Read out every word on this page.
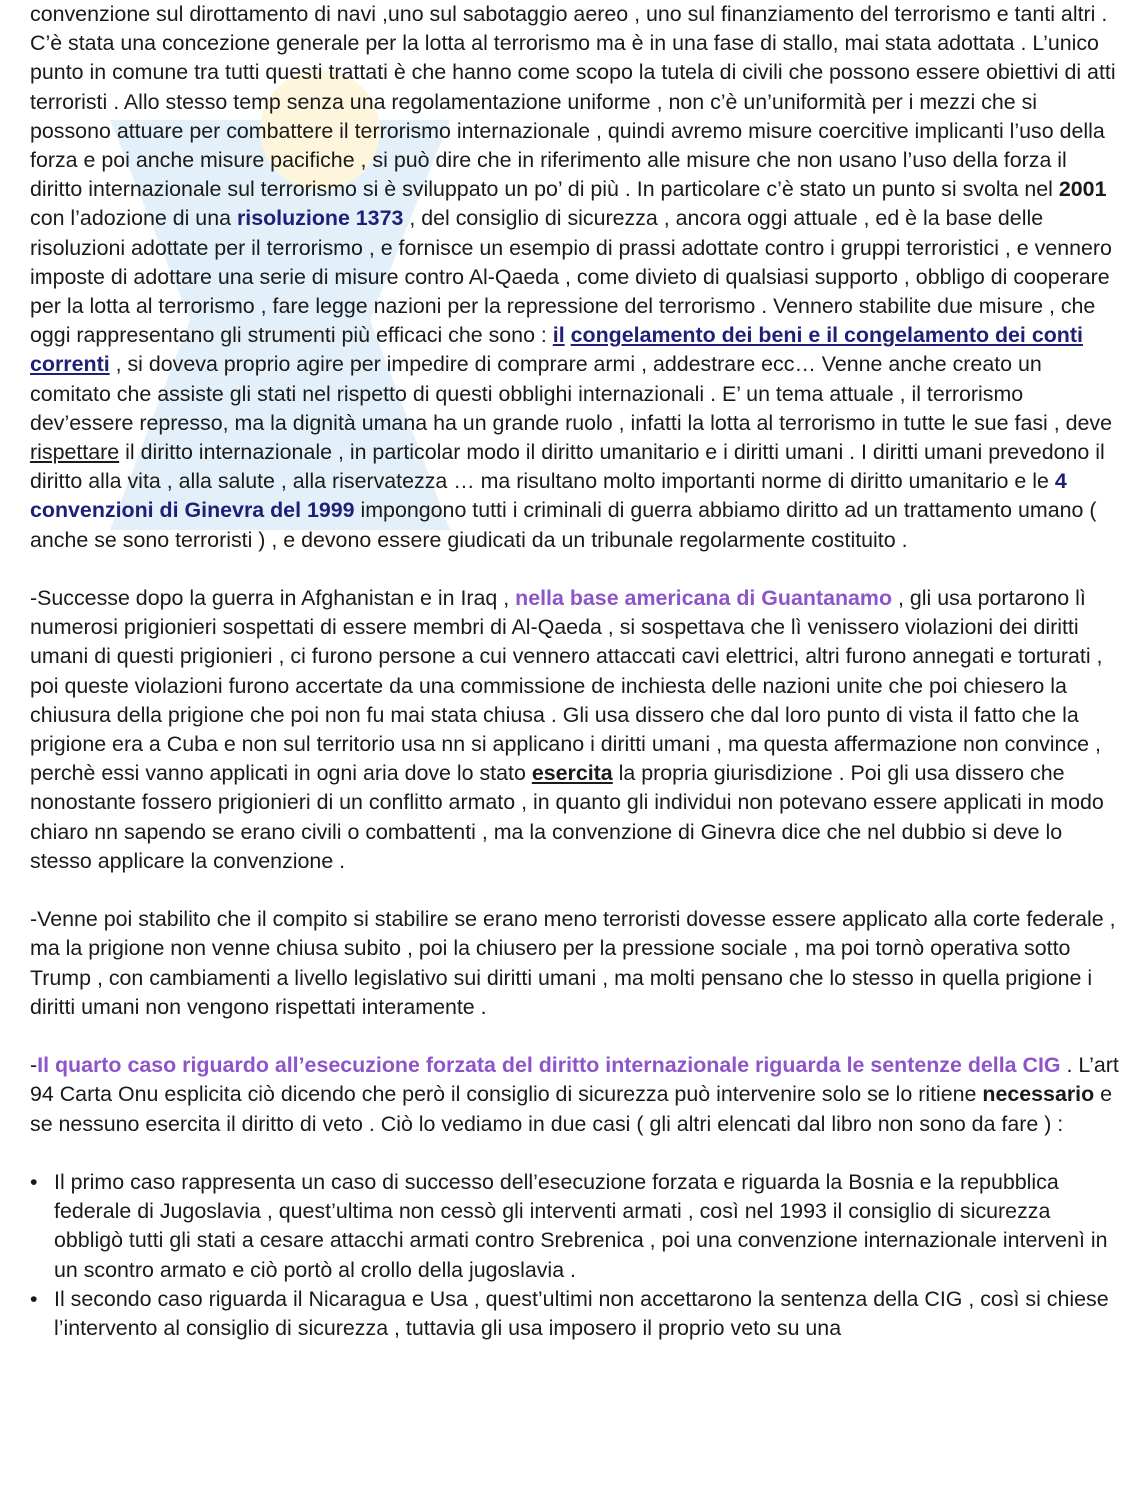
convenzione sul dirottamento di navi ,uno sul sabotaggio aereo , uno sul finanziamento del terrorismo e tanti altri . C’è stata una concezione generale per la lotta al terrorismo ma è in una fase di stallo, mai stata adottata . L’unico punto in comune tra tutti questi trattati è che hanno come scopo la tutela di civili che possono essere obiettivi di atti terroristi . Allo stesso temp senza una regolamentazione uniforme , non c’è un’uniformità per i mezzi che si possono attuare per combattere il terrorismo internazionale , quindi avremo misure coercitive implicanti l’uso della forza e poi anche misure pacifiche , si può dire che in riferimento alle misure che non usano l’uso della forza il diritto internazionale sul terrorismo si è sviluppato un po’ di più . In particolare c’è stato un punto si svolta nel 2001 con l’adozione di una risoluzione 1373 , del consiglio di sicurezza , ancora oggi attuale , ed è la base delle risoluzioni adottate per il terrorismo , e fornisce un esempio di prassi adottate contro i gruppi terroristici , e vennero imposte di adottare una serie di misure contro Al-Qaeda , come divieto di qualsiasi supporto , obbligo di cooperare per la lotta al terrorismo , fare legge nazioni per la repressione del terrorismo . Vennero stabilite due misure , che oggi rappresentano gli strumenti più efficaci che sono : il congelamento dei beni e il congelamento dei conti correnti , si doveva proprio agire per impedire di comprare armi , addestrare ecc… Venne anche creato un comitato che assiste gli stati nel rispetto di questi obblighi internazionali . E’ un tema attuale , il terrorismo dev’essere represso, ma la dignità umana ha un grande ruolo , infatti la lotta al terrorismo in tutte le sue fasi , deve rispettare il diritto internazionale , in particolar modo il diritto umanitario e i diritti umani . I diritti umani prevedono il diritto alla vita , alla salute , alla riservatezza … ma risultano molto importanti norme di diritto umanitario e le 4 convenzioni di Ginevra del 1999 impongono tutti i criminali di guerra abbiamo diritto ad un trattamento umano ( anche se sono terroristi ) , e devono essere giudicati da un tribunale regolarmente costituito .

-Successe dopo la guerra in Afghanistan e in Iraq , nella base americana di Guantanamo , gli usa portarono lì numerosi prigionieri sospettati di essere membri di Al-Qaeda , si sospettava che lì venissero violazioni dei diritti umani di questi prigionieri , ci furono persone a cui vennero attaccati cavi elettrici, altri furono annegati e torturati , poi queste violazioni furono accertate da una commissione de inchiesta delle nazioni unite che poi chiesero la chiusura della prigione che poi non fu mai stata chiusa . Gli usa dissero che dal loro punto di vista il fatto che la prigione era a Cuba e non sul territorio usa nn si applicano i diritti umani , ma questa affermazione non convince , perchè essi vanno applicati in ogni aria dove lo stato esercita la propria giurisdizione . Poi gli usa dissero che nonostante fossero prigionieri di un conflitto armato , in quanto gli individui non potevano essere applicati in modo chiaro nn sapendo se erano civili o combattenti , ma la convenzione di Ginevra dice che nel dubbio si deve lo stesso applicare la convenzione .

-Venne poi stabilito che il compito si stabilire se erano meno terroristi dovesse essere applicato alla corte federale , ma la prigione non venne chiusa subito , poi la chiusero per la pressione sociale , ma poi tornò operativa sotto Trump , con cambiamenti a livello legislativo sui diritti umani , ma molti pensano che lo stesso in quella prigione i diritti umani non vengono rispettati interamente .

-Il quarto caso riguardo all’esecuzione forzata del diritto internazionale riguarda le sentenze della CIG . L’art 94 Carta Onu esplicita ciò dicendo che però il consiglio di sicurezza può intervenire solo se lo ritiene necessario e se nessuno esercita il diritto di veto . Ciò lo vediamo in due casi ( gli altri elencati dal libro non sono da fare ) :

• Il primo caso rappresenta un caso di successo dell’esecuzione forzata e riguarda la Bosnia e la repubblica federale di Jugoslavia , quest’ultima non cessò gli interventi armati , così nel 1993 il consiglio di sicurezza obbligò tutti gli stati a cesare attacchi armati contro Srebrenica , poi una convenzione internazionale intervenì in un scontro armato e ciò portò al crollo della jugoslavia .
• Il secondo caso riguarda il Nicaragua e Usa , quest’ultimi non accettarono la sentenza della CIG , così si chiese l’intervento al consiglio di sicurezza , tuttavia gli usa imposero il proprio veto su una
